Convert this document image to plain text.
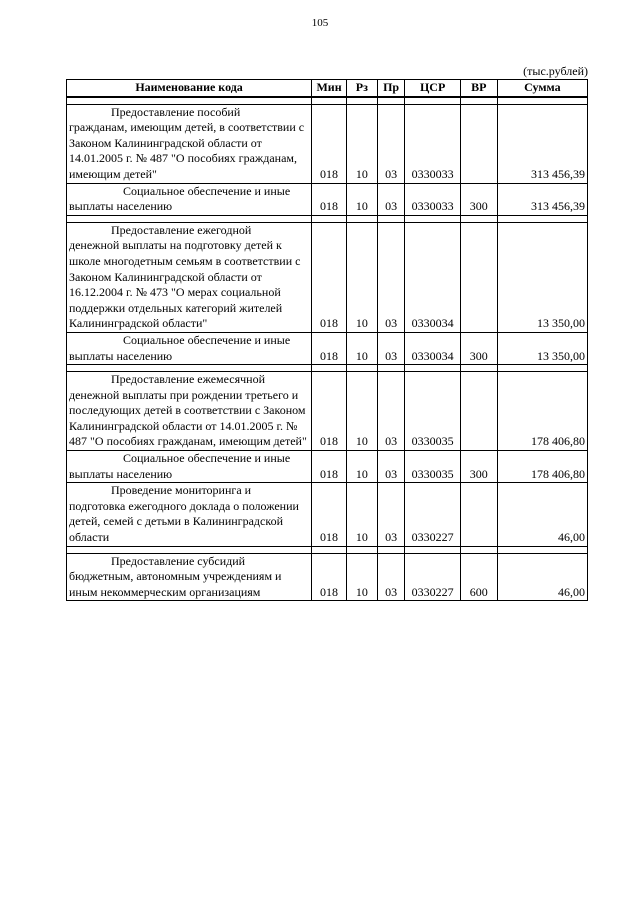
105
(тыс.рублей)
Наименование кода	Мин	Рз	Пр	ЦСР	ВР	Сумма

Предоставление пособий
гражданам, имеющим детей, в соответствии с Законом Калининградской области от 14.01.2005 г. № 487 "О пособиях гражданам, имеющим детей"	018	10	03	0330033		313 456,39

Социальное обеспечение и иные
выплаты населению	018	10	03	0330033	300	313 456,39

Предоставление ежегодной
денежной выплаты на подготовку детей к школе многодетным семьям в соответствии с Законом Калининградской области от 16.12.2004 г. № 473 "О мерах социальной поддержки отдельных категорий жителей Калининградской области"	018	10	03	0330034		13 350,00

Социальное обеспечение и иные
выплаты населению	018	10	03	0330034	300	13 350,00

Предоставление ежемесячной
денежной выплаты при рождении третьего и последующих детей в соответствии с Законом Калининградской области от 14.01.2005 г. № 487 "О пособиях гражданам, имеющим детей"	018	10	03	0330035		178 406,80

Социальное обеспечение и иные
выплаты населению	018	10	03	0330035	300	178 406,80

Проведение мониторинга и
подготовка ежегодного доклада о положении детей, семей с детьми в Калининградской области	018	10	03	0330227		46,00

Предоставление субсидий
бюджетным, автономным учреждениям и иным некоммерческим организациям	018	10	03	0330227	600	46,00
